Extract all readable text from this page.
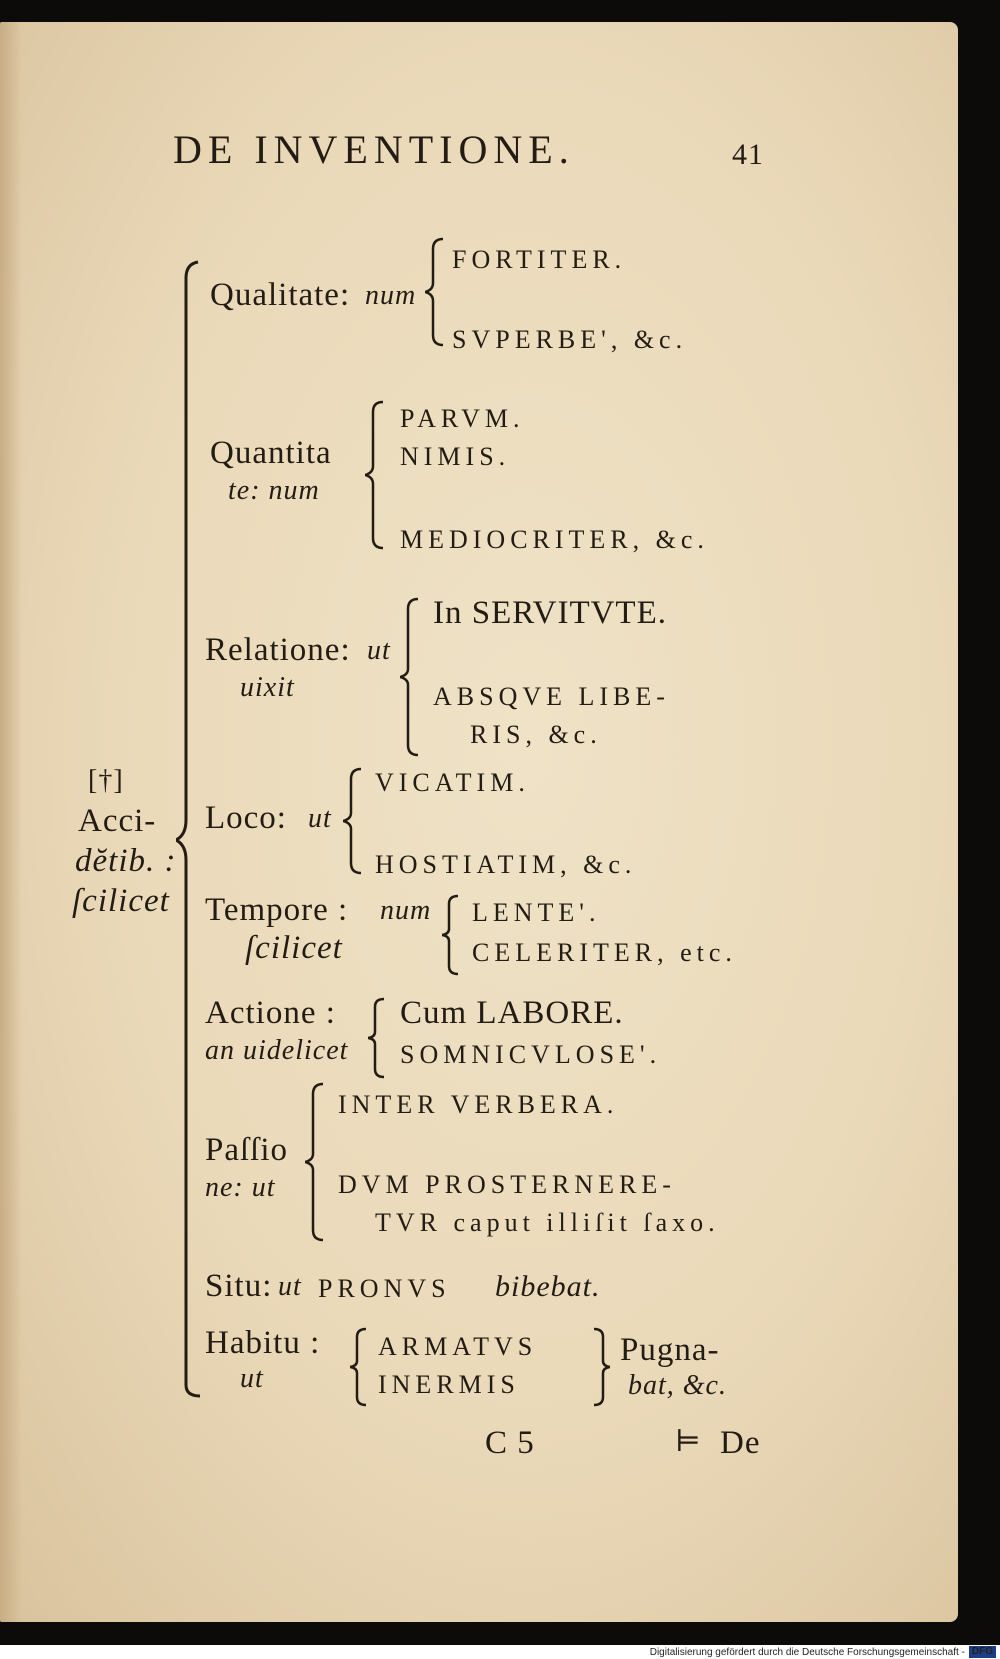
DE INVENTIONE.	41
[†]
Acci-
dĕtib. :
ſcilicet
Qualitate: num
FORTITER.
SVPERBE', &c.
Quantita
te: num
PARVM.
NIMIS.
MEDIOCRITER, &c.
Relatione: ut
uixit
In SERVITVTE.
ABSQVE LIBE-
RIS, &c.
Loco: ut
VICATIM.
HOSTIATIM, &c.
Tempore : num
ſcilicet
LENTE'.
CELERITER, etc.
Actione :
an uidelicet
Cum LABORE.
SOMNICVLOSE'.
Paſſio
ne: ut
INTER VERBERA.
DVM PROSTERNERE-
TVR caput illiſit ſaxo.
Situ: ut PRONVS bibebat.
Habitu :
ut
ARMATVS
INERMIS
Pugna-
bat, &c.
C 5	⊨ De
Digitalisierung gefördert durch die Deutsche Forschungsgemeinschaft - DFG
